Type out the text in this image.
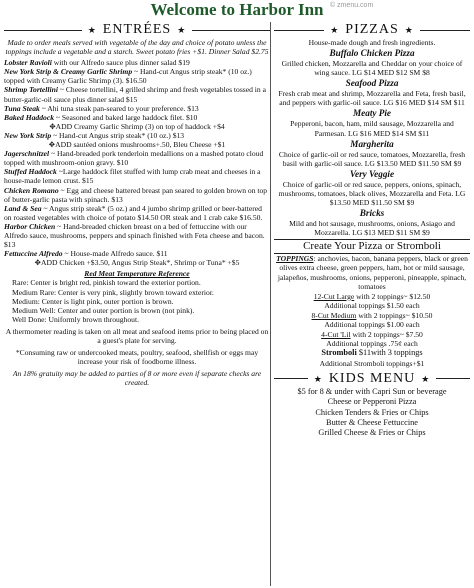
Welcome to Harbor Inn © zmenu.com
★ ENTRÉES ★
Made to order meals served with vegetable of the day and choice of potato unless the toppings include a vegetable and a starch. Sweet potato fries +$1. Dinner Salad $2.75
Lobster Ravioli with our Alfredo sauce plus dinner salad $19
New York Strip & Creamy Garlic Shrimp ~ Hand-cut Angus strip steak* (10 oz.) topped with Creamy Garlic Shrimp (3). $16.50
Shrimp Tortellini ~ Cheese tortellini, 4 grilled shrimp and fresh vegetables tossed in a butter-garlic-oil sauce plus dinner salad $15
Tuna Steak ~ Ahi tuna steak pan-seared to your preference. $13
Baked Haddock ~ Seasoned and baked large haddock filet. $10
✥ADD Creamy Garlic Shrimp (3) on top of haddock +$4
New York Strip ~ Hand-cut Angus strip steak* (10 oz.) $13
✥ADD sautéed onions mushrooms+.50, Bleu Cheese +$1
Jagerschnitzel ~ Hand-breaded pork tenderloin medallions on a mashed potato cloud topped with mushroom-onion gravy. $10
Stuffed Haddock ~Large haddock filet stuffed with lump crab meat and cheeses in a house-made lemon crust. $15
Chicken Romano ~ Egg and cheese battered breast pan seared to golden brown on top of butter-garlic pasta with spinach. $13
Land & Sea ~ Angus strip steak* (5 oz.) and 4 jumbo shrimp grilled or beer-battered on roasted vegetables with choice of potato $14.50 OR steak and 1 crab cake $16.50.
Harbor Chicken ~ Hand-breaded chicken breast on a bed of fettuccine with our Alfredo sauce, mushrooms, peppers and spinach finished with Feta cheese and bacon. $13
Fettuccine Alfredo ~ House-made Alfredo sauce. $11
✥ADD Chicken +$3.50, Angus Strip Steak*, Shrimp or Tuna* +$5
Red Meat Temperature Reference
Rare: Center is bright red, pinkish toward the exterior portion.
Medium Rare: Center is very pink, slightly brown toward exterior.
Medium: Center is light pink, outer portion is brown.
Medium Well: Center and outer portion is brown (not pink).
Well Done: Uniformly brown throughout.
A thermometer reading is taken on all meat and seafood items prior to being placed on a guest's plate for serving.
*Consuming raw or undercooked meats, poultry, seafood, shellfish or eggs may increase your risk of foodborne illness.
An 18% gratuity may be added to parties of 8 or more even if separate checks are created.
★ PIZZAS ★
House-made dough and fresh ingredients.
Buffalo Chicken Pizza
Grilled chicken, Mozzarella and Cheddar on your choice of wing sauce. LG $14 MED $12 SM $8
Seafood Pizza
Fresh crab meat and shrimp, Mozzarella and Feta, fresh basil, and peppers with garlic-oil sauce. LG $16 MED $14 SM $11
Meaty Pie
Pepperoni, bacon, ham, mild sausage, Mozzarella and Parmesan. LG $16 MED $14 SM $11
Margherita
Choice of garlic-oil or red sauce, tomatoes, Mozzarella, fresh basil with garlic-oil sauce. LG $13.50 MED $11.50 SM $9
Very Veggie
Choice of garlic-oil or red sauce, peppers, onions, spinach, mushrooms, tomatoes, black olives, Mozzarella and Feta. LG $13.50 MED $11.50 SM $9
Bricks
Mild and hot sausage, mushrooms, onions, Asiago and Mozzarella. LG $13 MED $11 SM $9
Create Your Pizza or Stromboli
TOPPINGS: anchovies, bacon, banana peppers, black or green olives extra cheese, green peppers, ham, hot or mild sausage, jalapeños, mushrooms, onions, pepperoni, pineapple, spinach, tomatoes
12-Cut Large with 2 toppings~ $12.50
Additional toppings $1.50 each
8-Cut Medium with 2 toppings~ $10.50
Additional toppings $1.00 each
4-Cut 'Lil with 2 toppings~ $7.50
Additional toppings .75¢ each
Stromboli $11with 3 toppings
Additional Stromboli toppings+$1
★ KIDS MENU ★
$5 for 8 & under with Capri Sun or beverage
Cheese or Pepperoni Pizza
Chicken Tenders & Fries or Chips
Butter & Cheese Fettuccine
Grilled Cheese & Fries or Chips
